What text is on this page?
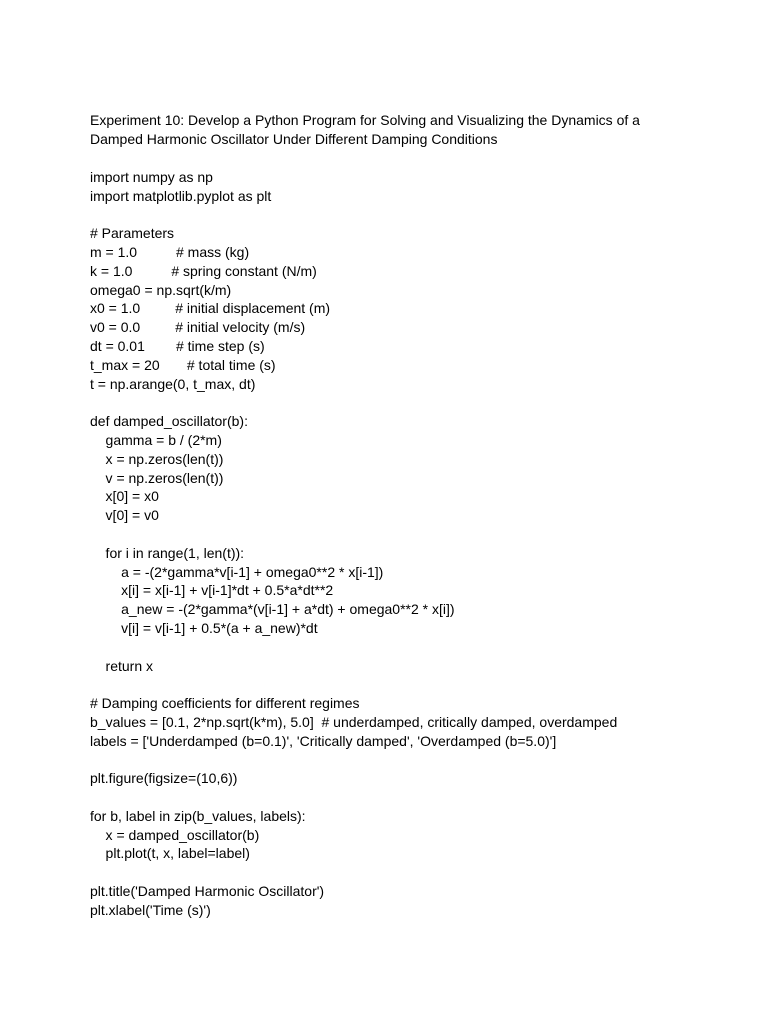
Experiment 10: Develop a Python Program for Solving and Visualizing the Dynamics of a
Damped Harmonic Oscillator Under Different Damping Conditions
import numpy as np
import matplotlib.pyplot as plt
# Parameters
m = 1.0          # mass (kg)
k = 1.0          # spring constant (N/m)
omega0 = np.sqrt(k/m)
x0 = 1.0         # initial displacement (m)
v0 = 0.0         # initial velocity (m/s)
dt = 0.01        # time step (s)
t_max = 20       # total time (s)
t = np.arange(0, t_max, dt)
def damped_oscillator(b):
gamma = b / (2*m)
x = np.zeros(len(t))
v = np.zeros(len(t))
x[0] = x0
v[0] = v0
for i in range(1, len(t)):
a = -(2*gamma*v[i-1] + omega0**2 * x[i-1])
x[i] = x[i-1] + v[i-1]*dt + 0.5*a*dt**2
a_new = -(2*gamma*(v[i-1] + a*dt) + omega0**2 * x[i])
v[i] = v[i-1] + 0.5*(a + a_new)*dt
return x
# Damping coefficients for different regimes
b_values = [0.1, 2*np.sqrt(k*m), 5.0]  # underdamped, critically damped, overdamped
labels = ['Underdamped (b=0.1)', 'Critically damped', 'Overdamped (b=5.0)']
plt.figure(figsize=(10,6))
for b, label in zip(b_values, labels):
x = damped_oscillator(b)
plt.plot(t, x, label=label)
plt.title('Damped Harmonic Oscillator')
plt.xlabel('Time (s)')
